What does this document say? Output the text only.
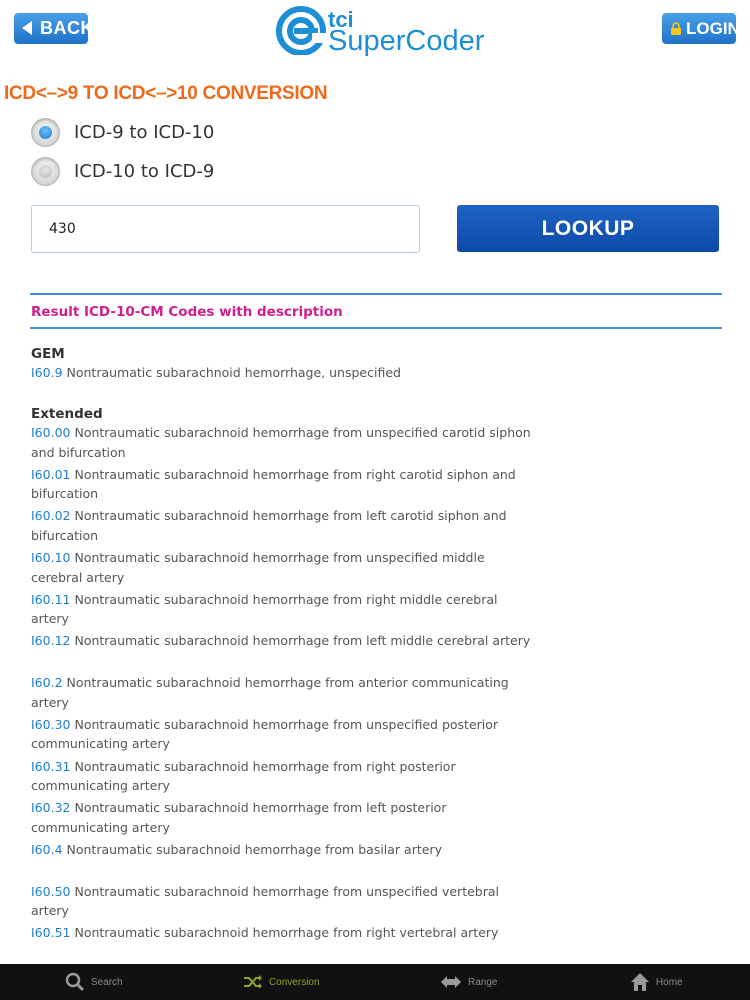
BACK	tci
SuperCoder	LOGIN
ICD<–>9 TO ICD<–>10 CONVERSION
ICD-9 to ICD-10
ICD-10 to ICD-9
430
LOOKUP
Result ICD-10-CM Codes with description
GEM
I60.9 Nontraumatic subarachnoid hemorrhage, unspecified
Extended
I60.00 Nontraumatic subarachnoid hemorrhage from unspecified carotid siphon and bifurcation
I60.01 Nontraumatic subarachnoid hemorrhage from right carotid siphon and bifurcation
I60.02 Nontraumatic subarachnoid hemorrhage from left carotid siphon and bifurcation
I60.10 Nontraumatic subarachnoid hemorrhage from unspecified middle cerebral artery
I60.11 Nontraumatic subarachnoid hemorrhage from right middle cerebral artery
I60.12 Nontraumatic subarachnoid hemorrhage from left middle cerebral artery
I60.2 Nontraumatic subarachnoid hemorrhage from anterior communicating artery
I60.30 Nontraumatic subarachnoid hemorrhage from unspecified posterior communicating artery
I60.31 Nontraumatic subarachnoid hemorrhage from right posterior communicating artery
I60.32 Nontraumatic subarachnoid hemorrhage from left posterior communicating artery
I60.4 Nontraumatic subarachnoid hemorrhage from basilar artery
I60.50 Nontraumatic subarachnoid hemorrhage from unspecified vertebral artery
I60.51 Nontraumatic subarachnoid hemorrhage from right vertebral artery
Search	Conversion	Range	Home
